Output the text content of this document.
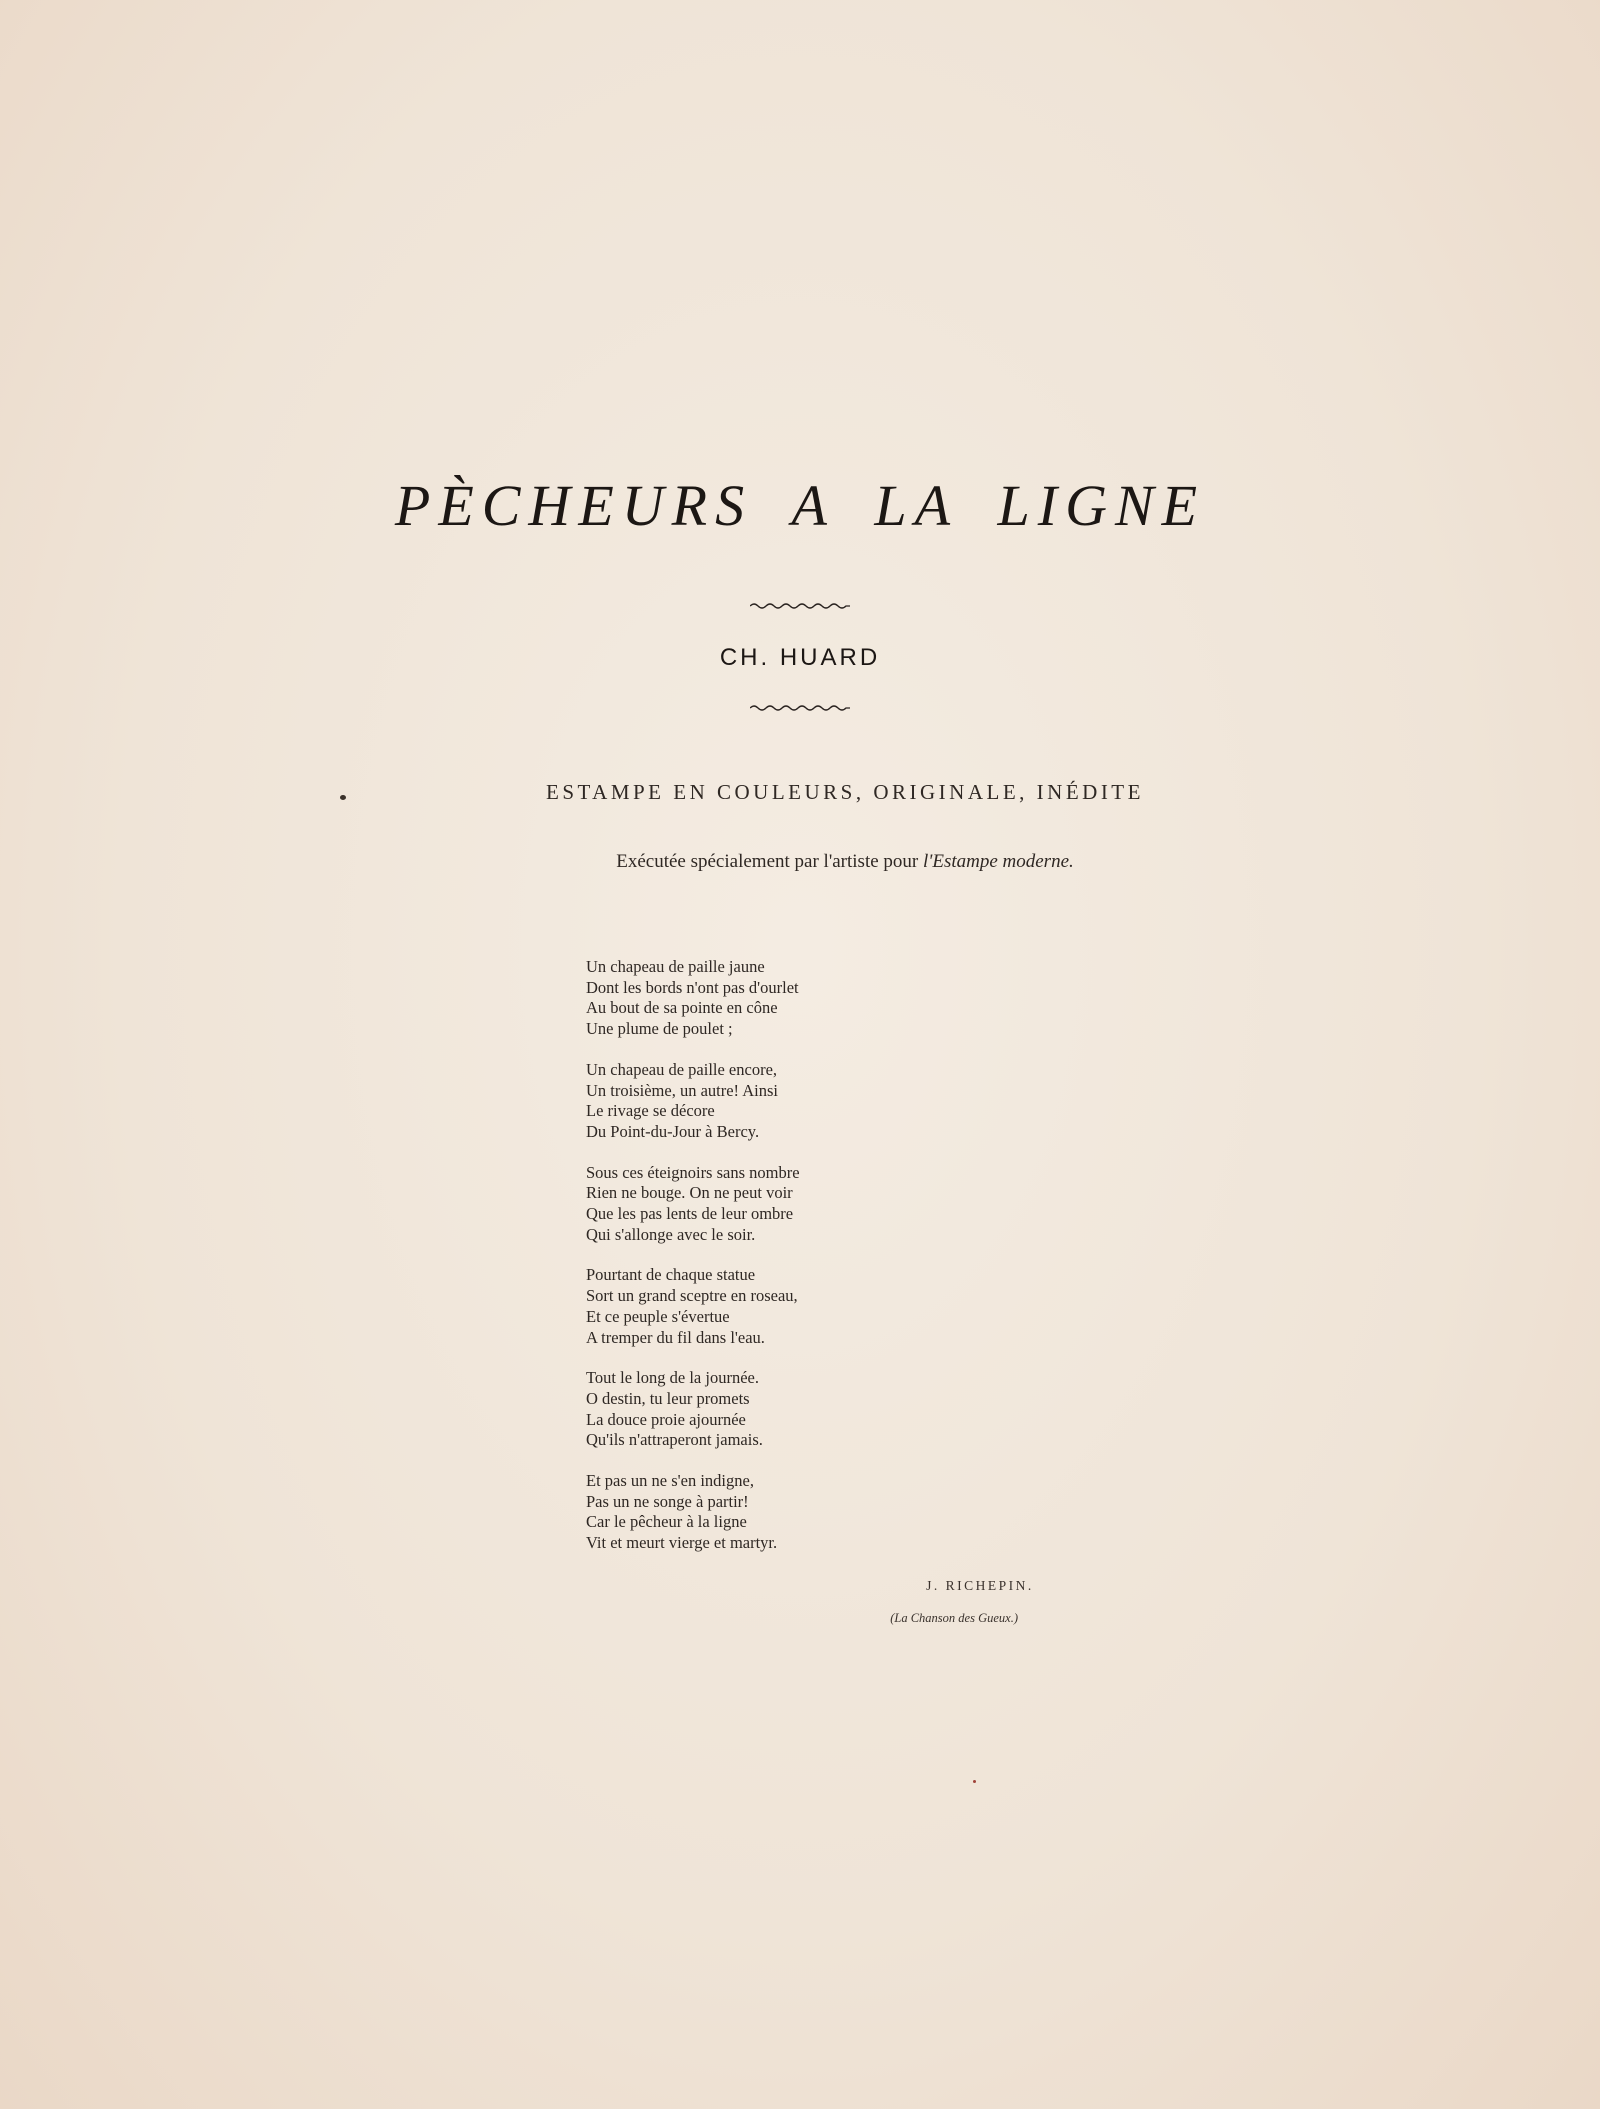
PÈCHEURS A LA LIGNE
CH. HUARD
ESTAMPE EN COULEURS, ORIGINALE, INÉDITE
Exécutée spécialement par l'artiste pour l'Estampe moderne.
Un chapeau de paille jaune
Dont les bords n'ont pas d'ourlet
Au bout de sa pointe en cône
Une plume de poulet ;
Un chapeau de paille encore,
Un troisième, un autre! Ainsi
Le rivage se décore
Du Point-du-Jour à Bercy.
Sous ces éteignoirs sans nombre
Rien ne bouge. On ne peut voir
Que les pas lents de leur ombre
Qui s'allonge avec le soir.
Pourtant de chaque statue
Sort un grand sceptre en roseau,
Et ce peuple s'évertue
A tremper du fil dans l'eau.
Tout le long de la journée.
O destin, tu leur promets
La douce proie ajournée
Qu'ils n'attraperont jamais.
Et pas un ne s'en indigne,
Pas un ne songe à partir!
Car le pêcheur à la ligne
Vit et meurt vierge et martyr.
J. RICHEPIN.
(La Chanson des Gueux.)
